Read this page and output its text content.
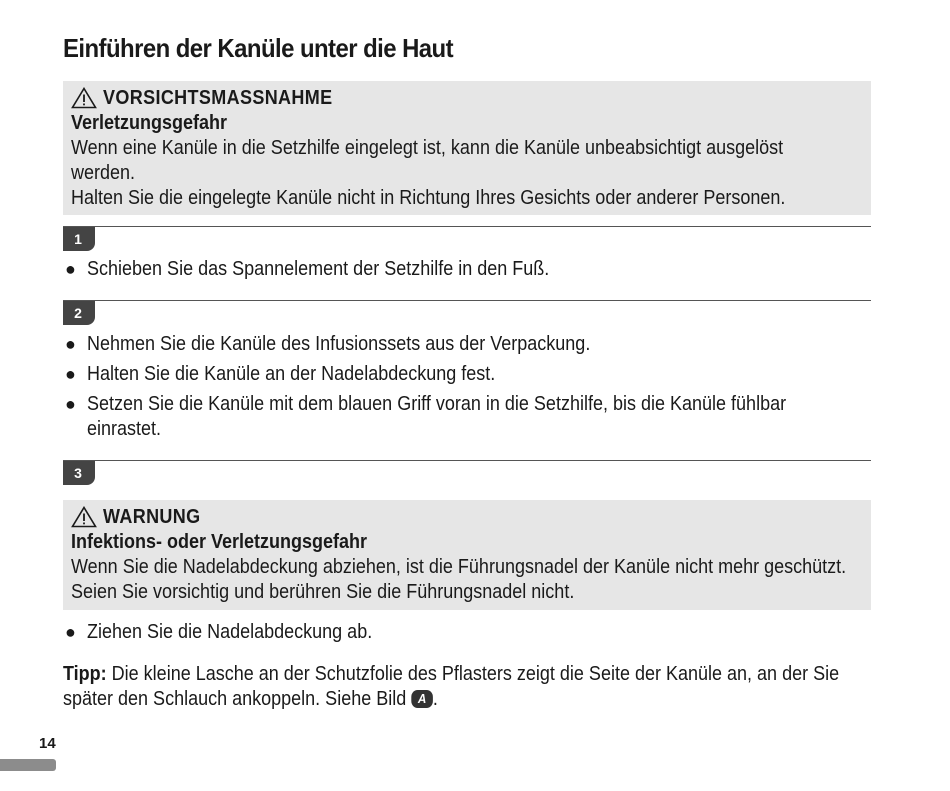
Einführen der Kanüle unter die Haut
VORSICHTSMASSNAHME
Verletzungsgefahr
Wenn eine Kanüle in die Setzhilfe eingelegt ist, kann die Kanüle unbeabsichtigt ausgelöst
werden.
Halten Sie die eingelegte Kanüle nicht in Richtung Ihres Gesichts oder anderer Personen.
1
● Schieben Sie das Spannelement der Setzhilfe in den Fuß.
2
● Nehmen Sie die Kanüle des Infusionssets aus der Verpackung.
● Halten Sie die Kanüle an der Nadelabdeckung fest.
● Setzen Sie die Kanüle mit dem blauen Griff voran in die Setzhilfe, bis die Kanüle fühlbar
einrastet.
3
WARNUNG
Infektions- oder Verletzungsgefahr
Wenn Sie die Nadelabdeckung abziehen, ist die Führungsnadel der Kanüle nicht mehr geschützt.
Seien Sie vorsichtig und berühren Sie die Führungsnadel nicht.
● Ziehen Sie die Nadelabdeckung ab.
Tipp: Die kleine Lasche an der Schutzfolie des Pflasters zeigt die Seite der Kanüle an, an der Sie
später den Schlauch ankoppeln. Siehe Bild A .
14
